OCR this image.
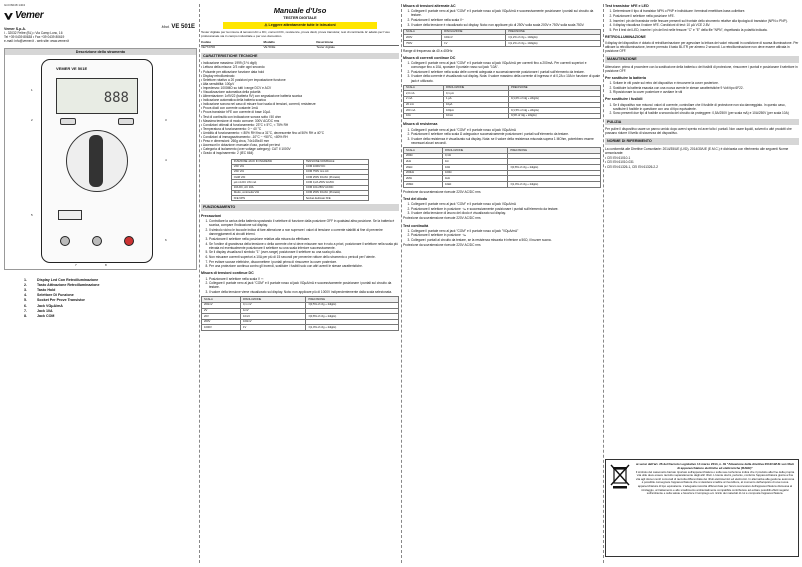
GCO6048 1404
Vemer
Mod. VE 501E
Vemer S.p.A.
I - 32032 Feltre (BL) • Via Camp Lonc, 16
Tel +39 0439 80638 • Fax +39 0439 80619
e-mail: info@vemer.it - web site: www.vemer.it
Descrizione dello strumento
VEMER VE 501E
888
1
2	3
4
5
6
7	8
1.	Display Led Con Retroilluminazione
2.	Tasto Attivazione Retroilluminazione
3.	Tasto Hold
4.	Selettore Di Funzione
5.	Socket Per Prove Transistor
6.	Jack VΩμA/mA
7.	Jack 10A
8.	Jack COM
Manuale d'Uso
TESTER DIGITALE
⚠ Leggere attentamente tutte le istruzioni

Tester digitale per la misura di tensioni AC e DC, correnti DC, resistenze, prova diodi, prova transistor, test di continuità. E' adatto per l'uso professionale sia in campo industriale e per uso domestico.

Codice	Modello	Descrizione
VE772700	VE 501E	Tester digitale
CARATTERISTICHE TECNICHE
• Indicazione massima: 1999 (3 ½ digit)
• Lettura della misura: 2/3 volte ogni secondo
• Pulsante per attivazione funzione data hold
• Display retroilluminato
• Selettore rotativo a 20 posizioni per impostazione funzione
• Alta sensibilità: 100μV
• Impedenza: 1000MΩ su tutti i range DCV e ACV
• Visualizzazione automatica della polarità
• Alimentazione: 1x9V22 (batteria 9V) con segnalazione batteria scarica
• Indicazione automatica della batteria scarica
• Indicazione sonora nel caso di misure fuori scala di tensioni, correnti, resistenze
• Prova diodi con corrente costante 1mA
• Prova transistor hFE con corrente di base 10μA
• Test di continuità con indicazione sonora sotto i 50 ohm
• Massima tensione di modo comune: 300V AC/DC rms
• Condizioni ottimali di funzionamento: 23°C ± 5°C, < 75% RH
• Temperatura di funzionamento: 0 ~ 40 °C
• Umidità di funzionamento: < 80% RH fino a 31°C, decrescente fino al 50% RH a 40°C
• Condizioni di immagazzinamento: -10°C ~ +50°C, <80% RH
• Peso e dimensioni: 260g circa, 74x145x40 mm
• Accessori in dotazione: manuale d'uso, puntali per test
• Categoria di isolamento (over voltage category): CAT II 1000V
• Grado di inquinamento: 2 (IEC 664)
FUNZIONE JACK IN INGRESSI	TENSIONE NOMINALE
V/Ω/ V/A	COM 1000V DC
V/Ω/ V/A	COM 750V rms AC
OHM V/Ω	COM 250V DC/AC (Protetto)
μA mA DC V/Ω mA	COM 0,2A 250V AC/DC
10A DC, AC 10A	COM 10A 250V AC/DC
Diodo, continuità V/Ω	COM 250V DC/AC (Protetto)
hFE NPN	Socket dedicato hFE
FUNZIONAMENTO
Precauzioni
1. Controllare la carica della batteria spostando il selettore di funzione dalla posizione OFF in qualsiasi altra posizione. Se la batteria è scarica, compare l'indicazione sul display.
2. Il simbolo vicino le boccole indica di fare attenzione a non superare i valori di tensione o corrente stabiliti al fine di prevenire danneggiamenti ai circuiti interni.
3. Posizionare il selettore nella posizione relativa alla misura da effettuare.
4. Se l'ordine di grandezza della tensione o della corrente che si deve misurare non è noto a priori, posizionare il selettore nella scala più elevata ed eventualmente posizionare il selettore su una scala inferiore successivamente.
5. Se il display visualizza il simbolo "1" (over-range) posizionare il selettore su una scala più alta.
6. Non misurare correnti superiori a 10A per più di 15 secondi per prevenire rotture dello strumento o pericoli per l'utente.
7. Per evitare scosse elettriche, disconnettere i puntali prima di rimuovere la cover posteriore.
8. Per una protezione continua contro gli incendi, sostituire i fusibili solo con altri aventi le stesse caratteristiche.
Misura di tensioni continue DC
1. Posizionare il selettore nella scala V ⎓
2. Collegare il puntale nero al jack "COM" e il puntale rosso al jack VΩμA/mA e successivamente posizionare i puntali sul circuito da testare.
3. Il valore della tensione viene visualizzato sul display. Nota: non applicare più di 1000V indipendentemente dalla scala selezionata.
SCALA	RISOLUZIONE	PRECISIONE
200mV	0,1 mV	±(0,5% of rdg + 2digits)
2V	1mV	
20V	10mV	±(0,8% of rdg + 2digits)
200V	100mV	
1000V	1V	±(1,0% of rdg + 2digits)
Misura di tensioni alternate AC
1. Collegare il puntale nero al jack "COM" e il puntale rosso al jack VΩμA/mA e successivamente posizionare i puntali sul circuito da testare.
2. Posizionare il selettore nella scala V~
3. Il valore della tensione è visualizzato sul display. Nota: non applicare più di 250V sulla scala 200V e 750V sulla scala 750V.
SCALA	RISOLUZIONE	PRECISIONE
200V	100mV	±(1,2% of rdg + 10digits)
750V	1V	±(1,2% of rdg + 10digits)

Range di frequenza da 40 a 400Hz

Misura di correnti continue DC
1. Collegare il puntale nero al jack "COM" e il puntale rosso al jack VΩμA/mA per correnti fino a 200mA. Per correnti superiori e comunque fino a 10A, spostare il puntale rosso sul jack "10A".
2. Posizionare il selettore nella scala delle correnti adeguata e successivamente posizionare i puntali sull'elemento da testare.
3. Il valore della corrente è visualizzato sul display. Nota: il valore massimo della corrente di ingresso è di 0,2A o 10A in funzione di quale jack è utilizzato.
SCALA	RISOLUZIONE	PRECISIONE
2,0 mA	0,1 μA	
2 mA	1 μA	±(1,0% of rdg + 2digits)
20 mA	10μA	
200 mA	100μA	±(1,5% of rdg + 2digits)
10A	10mA	±(3% of rdg + 2digits)
Misura di resistenza
1. Collegare il puntale nero al jack "COM" e il puntale rosso al jack VΩμA/mA
2. Posizionare il selettore nella scala Ω adeguata e successivamente posizionare i puntali sull'elemento da testare.
3. Il valore della resistenza è visualizzato sul display. Nota: se il valore della resistenza misurata supera 1 MOhm, potrebbero essere necessari alcuni secondi.
SCALA	RISOLUZIONE	PRECISIONE
200Ω	0,1Ω	
2kΩ	1Ω	
20kΩ	10Ω	±(0,8% of rdg + 2digits)
200kΩ	100Ω	
2MΩ	1kΩ	
20MΩ	10kΩ	±(1,0% of rdg + 2digits)

Protezione da sovratensione ricevute 220V AC/DC rms

Test del diodo
1. Collegare il puntale nero al jack "COM" e il puntale rosso al jack VΩμA/mA
2. Posizionare il selettore in posizione ⊣▸ e successivamente posizionare i puntali sull'elemento da testare.
3. Il valore della tensione di lavoro del diodo è visualizzato sul display.

Protezione da sovratensione ricevute 220V AC/DC rms

Test continuità
1. Collegare il puntale nero al jack "COM" e il puntale rosso al jack "VΩμA/mA"
2. Posizionare il selettore in posizione ⊣▸
3. Collegare i puntali al circuito da testare, se la resistenza misurata è inferiore a 50Ω, il buzzer suona.

Protezione da sovratensione ricevute 220V AC/DC rms

Test transistor hFE e LED
1. Determinare il tipo di transistor NPN o PNP e individuare i terminali emettitore-base-collettore.
2. Posizionare il selettore nella posizione hFE.
3. Inserire i pin del transistor nelle fessure presenti sul frontale dello strumento relative alla tipologia di transistor (NPN o PNP).
4. Il display visualizza il valore hFE. Condizioni di test: 10 μA VCE 2.8V.
5. Per il test del LED, inserire i pin del led nelle fessure "C" e "E" della file "NPN", rispettando la polarità indicata.
RETROILLUMINAZIONE

Il display del dispositivo è dotato di retroilluminazione per agevolare la lettura dei valori misurati in condizione di scarsa illuminazione. Per attivare la retroilluminazione, tenere premuto il tasto BL/TR per almeno 2 secondi. La retroilluminazione non deve essere attivata in posizione OFF.

MANUTENZIONE

Attenzione: prima di procedere con la sostituzione della batteria o dei fusibili di protezione, rimuovere i puntali e posizionare il selettore in posizione OFF.

Per sostituire la batteria
1. Svitare le viti poste sul retro del dispositivo e rimuovere la cover posteriore.
2. Sostituire la batteria esausta con una nuova avente le stesse caratteristiche 9 Volt tipo 6F22.
3. Riposizionare la cover posteriore e avvitare le viti
Per sostituire i fusibili
1. Se il dispositivo non misura i valori di corrente, controllare che il fusibile di protezione non sia danneggiato. In questo caso, sostituire il fusibile in questione con uno di tipo equivalente.
2. Sono presenti due tipi di fusibile a seconda del circuito da proteggere: 0,5A/250V (per scala mA) e 10A/250V (per scala 10A)
PULIZIA

Per pulire il dispositivo usare un panno umido dopo avervi spento ed aver tolto i puntali. Non usare liquidi, solventi o altri prodotti che possano ridurre il livello di sicurezza del dispositivo.

NORME DI RIFERIMENTO

La conformità alle Direttive Comunitarie: 2014/35/UE (LVD), 2014/30/UE (E.M.C.) è dichiarata con riferimento alle seguenti Norme armonizzate:

• CEI EN 61010-1
• CEI EN 61010-031
• CEI EN 61326-1, CEI EN 61326-2-2
ai sensi dell'art. 26 del Decreto Legislativo 14 marzo 2014, n. 49 "Attuazione della direttiva 2012/19/UE sui rifiuti di apparecchiature elettriche ed elettroniche (RAEE)"

Il simbolo del cassonetto barrato riportato sull'apparecchiatura o sulla sua confezione indica che il prodotto alla fine della propria vita utile deve essere raccolto separatamente dagli altri rifiuti. L'utente dovrà, pertanto, conferire l'apparecchiatura giunta a fine vita agli idonei centri comunali di raccolta differenziata dei rifiuti elettrotecnici ed elettronici. In alternativa alla gestione autonoma è possibile consegnare l'apparecchiatura che si desidera smaltire al rivenditore, al momento dell'acquisto di una nuova apparecchiatura di tipo equivalente. L'adeguata raccolta differenziata per l'avvio successivo dell'apparecchiatura dismessa al riciclaggio, al trattamento e allo smaltimento ambientalmente compatibile contribuisce ad evitare possibili effetti negativi sull'ambiente e sulla salute e favorisce il reimpiego e/o riciclo dei materiali di cui è composta l'apparecchiatura.
